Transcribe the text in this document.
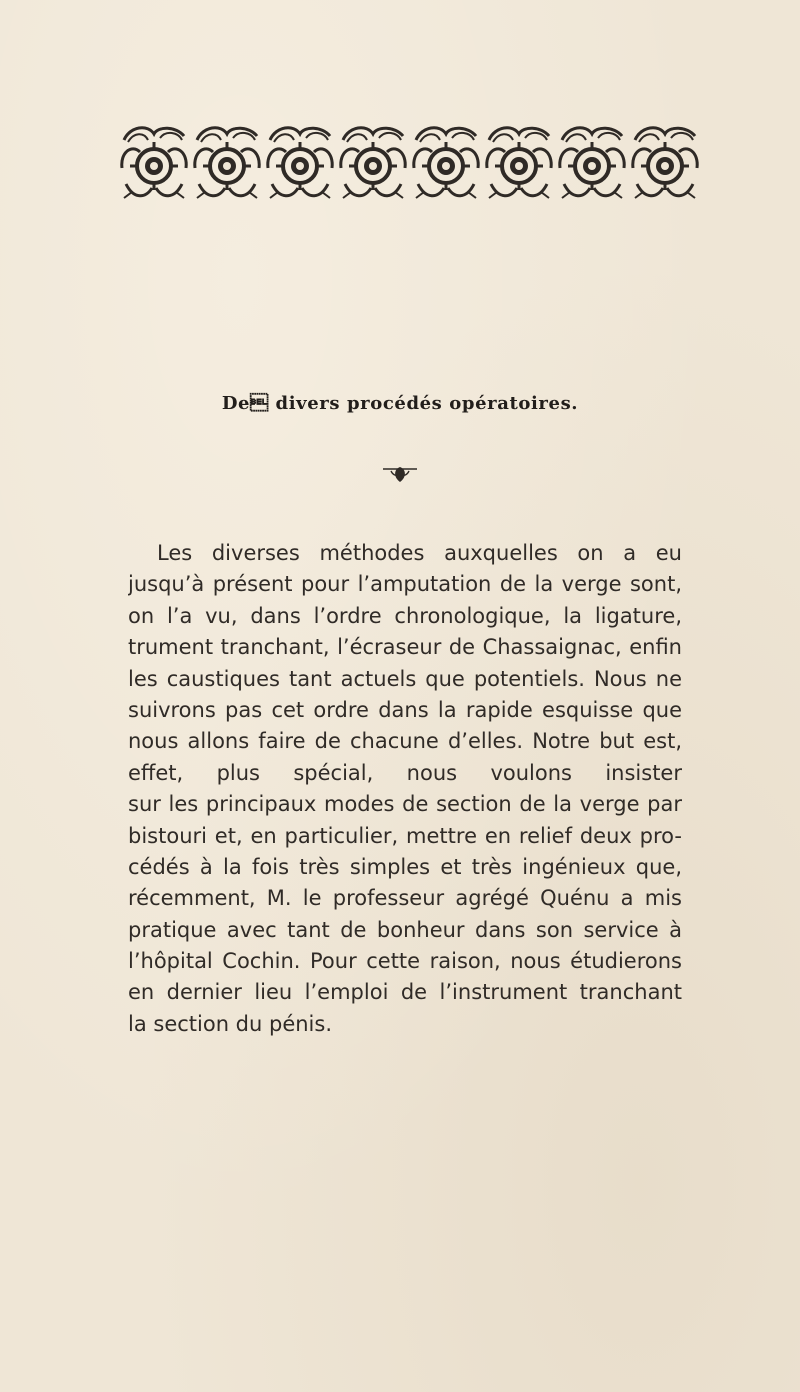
De divers procédés opératoires.
Les diverses méthodes auxquelles on a eu
jusqu’à présent pour l’amputation de la verge sont,
on l’a vu, dans l’ordre chronologique, la ligature,
trument tranchant, l’écraseur de Chassaignac, enfin
les caustiques tant actuels que potentiels. Nous ne
suivrons pas cet ordre dans la rapide esquisse que
nous allons faire de chacune d’elles. Notre but est,
effet, plus spécial, nous voulons insister
sur les principaux modes de section de la verge par
bistouri et, en particulier, mettre en relief deux pro-
cédés à la fois très simples et très ingénieux que,
récemment, M. le professeur agrégé Quénu a mis
pratique avec tant de bonheur dans son service à
l’hôpital Cochin. Pour cette raison, nous étudierons
en dernier lieu l’emploi de l’instrument tranchant
la section du pénis.
